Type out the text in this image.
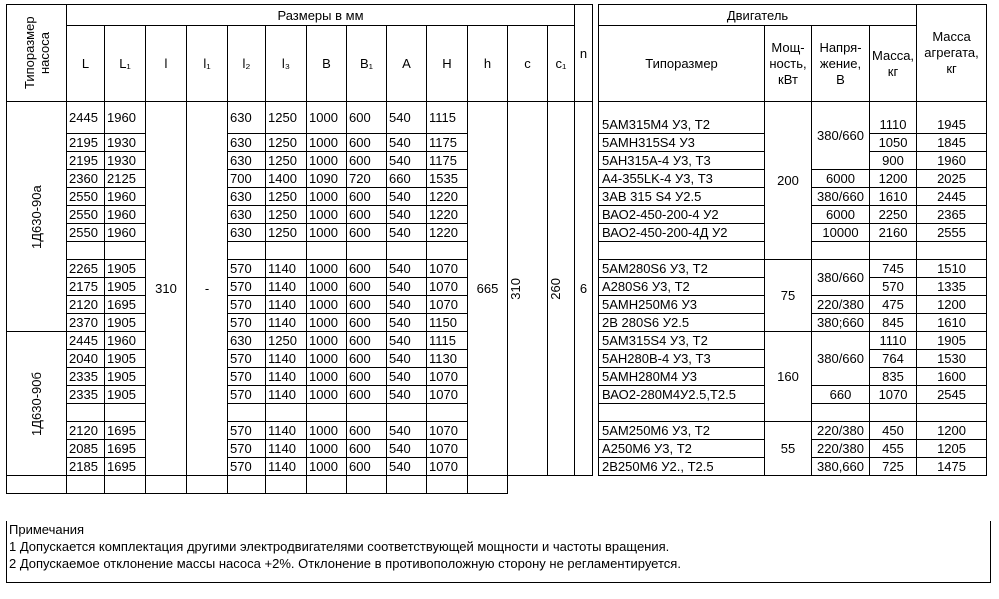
Типоразмер насоса	Размеры в мм													n		Двигатель				Масса агрегата, кг
	L	L₁	l	l₁	l₂	l₃	B	B₁	A	H	h	c	c₁			Типоразмер	Мощ-ность, кВт	Напря-жение, В	Масса, кг	

1Д630-90а	2445	1960	310	-	630	1250	1000	600	540	1115	665	310	260	6		5АМ315М4 У3, Т2	200	380/660	1110	1945
	2195	1930			630	1250	1000	600	540	1175						5АМН315S4 У3			1050	1845
	2195	1930			630	1250	1000	600	540	1175						5АН315А-4 У3, Т3			900	1960
	2360	2125			700	1400	1090	720	660	1535						А4-355LK-4 У3, Т3		6000	1200	2025
	2550	1960			630	1250	1000	600	540	1220						3АВ 315 S4 У2.5		380/660	1610	2445
	2550	1960			630	1250	1000	600	540	1220						ВАО2-450-200-4 У2		6000	2250	2365
	2550	1960			630	1250	1000	600	540	1220						ВАО2-450-200-4Д У2		10000	2160	2555

	2265	1905			570	1140	1000	600	540	1070						5АМ280S6 У3, Т2	75	380/660	745	1510
	2175	1905			570	1140	1000	600	540	1070						А280S6 У3, Т2			570	1335
	2120	1695			570	1140	1000	600	540	1070						5АМН250М6 У3		220/380	475	1200
	2370	1905			570	1140	1000	600	540	1150						2В 280S6 У2.5		380;660	845	1610

1Д630-90б	2445	1960			630	1250	1000	600	540	1115						5АМ315S4 У3, Т2	160	380/660	1110	1905
	2040	1905			570	1140	1000	600	540	1130						5АН280В-4 У3, Т3			764	1530
	2335	1905			570	1140	1000	600	540	1070						5АМН280М4 У3			835	1600
	2335	1905			570	1140	1000	600	540	1070						ВАО2-280М4У2.5,Т2.5		660	1070	2545

	2120	1695			570	1140	1000	600	540	1070						5АМ250М6 У3, Т2	55	220/380	450	1200
	2085	1695			570	1140	1000	600	540	1070						А250М6 У3, Т2		220/380	455	1205
	2185	1695			570	1140	1000	600	540	1070						2В250М6 У2., Т2.5		380,660	725	1475

Примечания
1 Допускается комплектация другими электродвигателями соответствующей мощности и частоты вращения.
2 Допускаемое отклонение массы насоса +2%. Отклонение в противоположную сторону не регламентируется.
